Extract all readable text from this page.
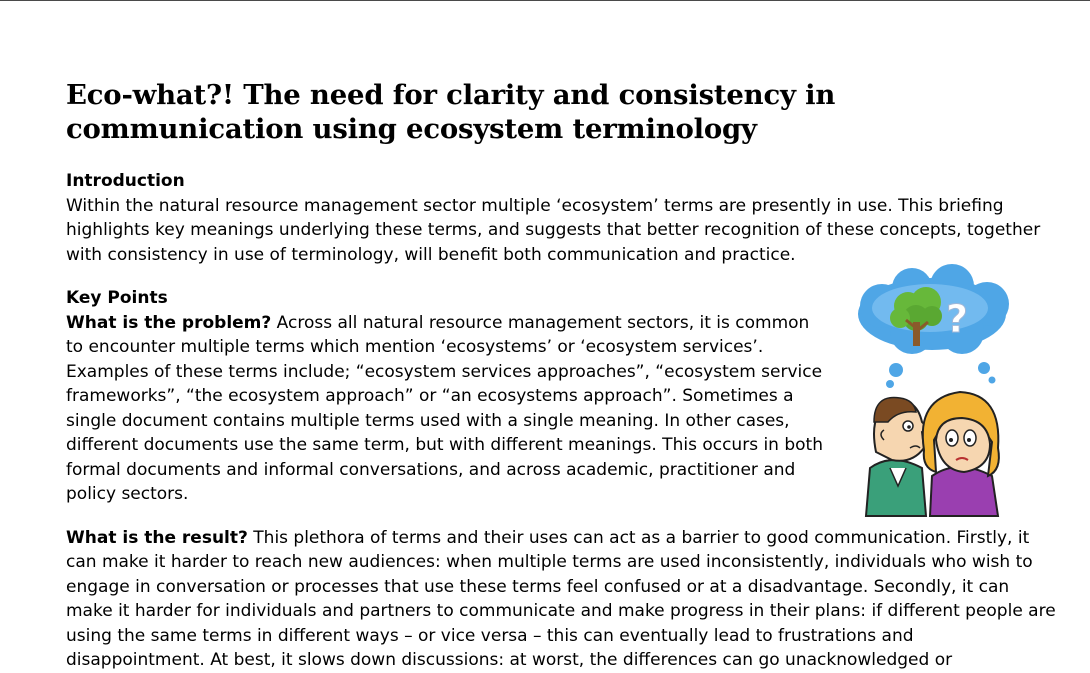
Eco-what?! The need for clarity and consistency in communication using ecosystem terminology
Introduction

Within the natural resource management sector multiple ‘ecosystem’ terms are presently in use. This briefing highlights key meanings underlying these terms, and suggests that better recognition of these concepts, together with consistency in use of terminology, will benefit both communication and practice.

Key Points

What is the problem? Across all natural resource management sectors, it is common to encounter multiple terms which mention ‘ecosystems’ or ‘ecosystem services’. Examples of these terms include; “ecosystem services approaches”, “ecosystem service frameworks”, “the ecosystem approach” or “an ecosystems approach”. Sometimes a single document contains multiple terms used with a single meaning. In other cases, different documents use the same term, but with different meanings. This occurs in both formal documents and informal conversations, and across academic, practitioner and policy sectors.

What is the result? This plethora of terms and their uses can act as a barrier to good communication. Firstly, it can make it harder to reach new audiences: when multiple terms are used inconsistently, individuals who wish to engage in conversation or processes that use these terms feel confused or at a disadvantage. Secondly, it can make it harder for individuals and partners to communicate and make progress in their plans: if different people are using the same terms in different ways – or vice versa – this can eventually lead to frustrations and disappointment. At best, it slows down discussions: at worst, the differences can go unacknowledged or

?
